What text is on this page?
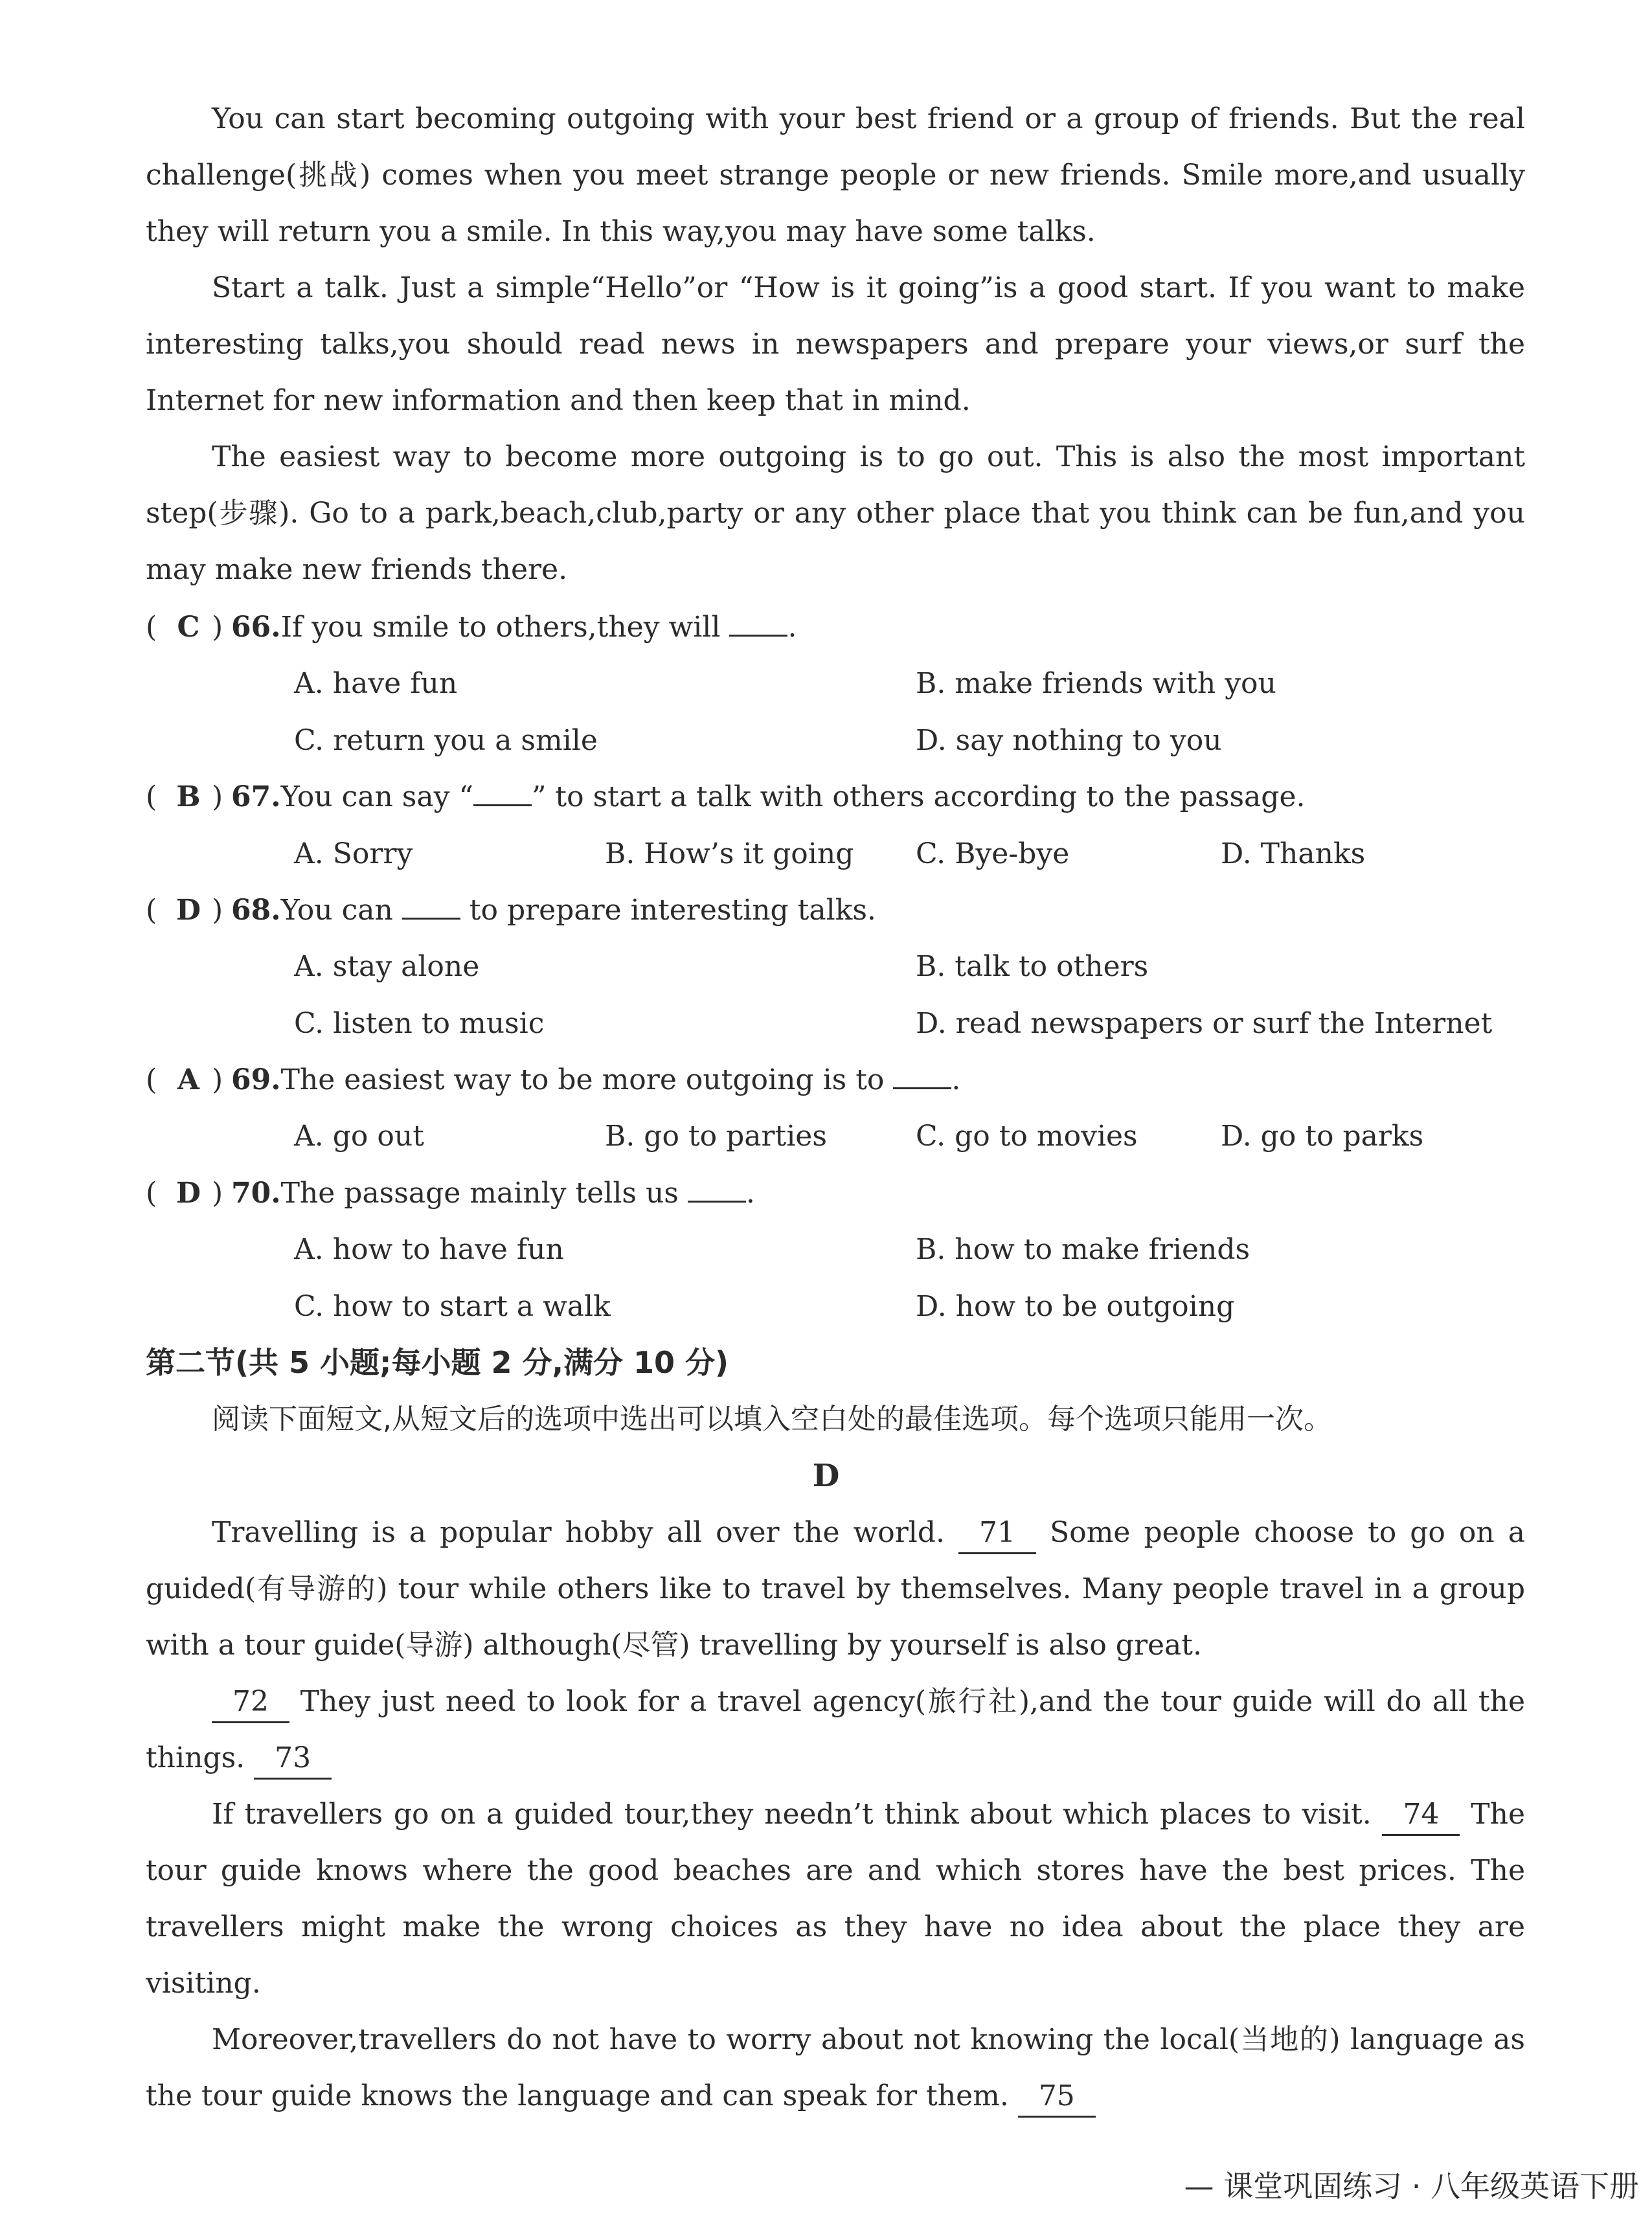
You can start becoming outgoing with your best friend or a group of friends. But the real challenge(挑战) comes when you meet strange people or new friends. Smile more,and usually they will return you a smile. In this way,you may have some talks.

Start a talk. Just a simple“Hello”or “How is it going”is a good start. If you want to make interesting talks,you should read news in newspapers and prepare your views,or surf the Internet for new information and then keep that in mind.

The easiest way to become more outgoing is to go out. This is also the most important step(步骤). Go to a park,beach,club,party or any other place that you think can be fun,and you may make new friends there.

( C ) 66.If you smile to others,they will .
A. have fun	B. make friends with you
C. return you a smile	D. say nothing to you
( B ) 67.You can say “ ” to start a talk with others according to the passage.
A. Sorry	B. How’s it going C. Bye-bye	D. Thanks
( D ) 68.You can  to prepare interesting talks.
A. stay alone	B. talk to others
C. listen to music	D. read newspapers or surf the Internet
( A ) 69.The easiest way to be more outgoing is to .
A. go out	B. go to parties	C. go to movies	D. go to parks
( D ) 70.The passage mainly tells us .
A. how to have fun	B. how to make friends
C. how to start a walk	D. how to be outgoing
第二节(共 5 小题;每小题 2 分,满分 10 分)
阅读下面短文,从短文后的选项中选出可以填入空白处的最佳选项。每个选项只能用一次。
D

Travelling is a popular hobby all over the world. 71 Some people choose to go on a guided(有导游的) tour while others like to travel by themselves. Many people travel in a group with a tour guide(导游) although(尽管) travelling by yourself is also great.

72 They just need to look for a travel agency(旅行社),and the tour guide will do all the things. 73

If travellers go on a guided tour,they needn’t think about which places to visit. 74 The tour guide knows where the good beaches are and which stores have the best prices. The travellers might make the wrong choices as they have no idea about the place they are visiting.

Moreover,travellers do not have to worry about not knowing the local(当地的) language as the tour guide knows the language and can speak for them. 75

— 课堂巩固练习 · 八年级英语下册
